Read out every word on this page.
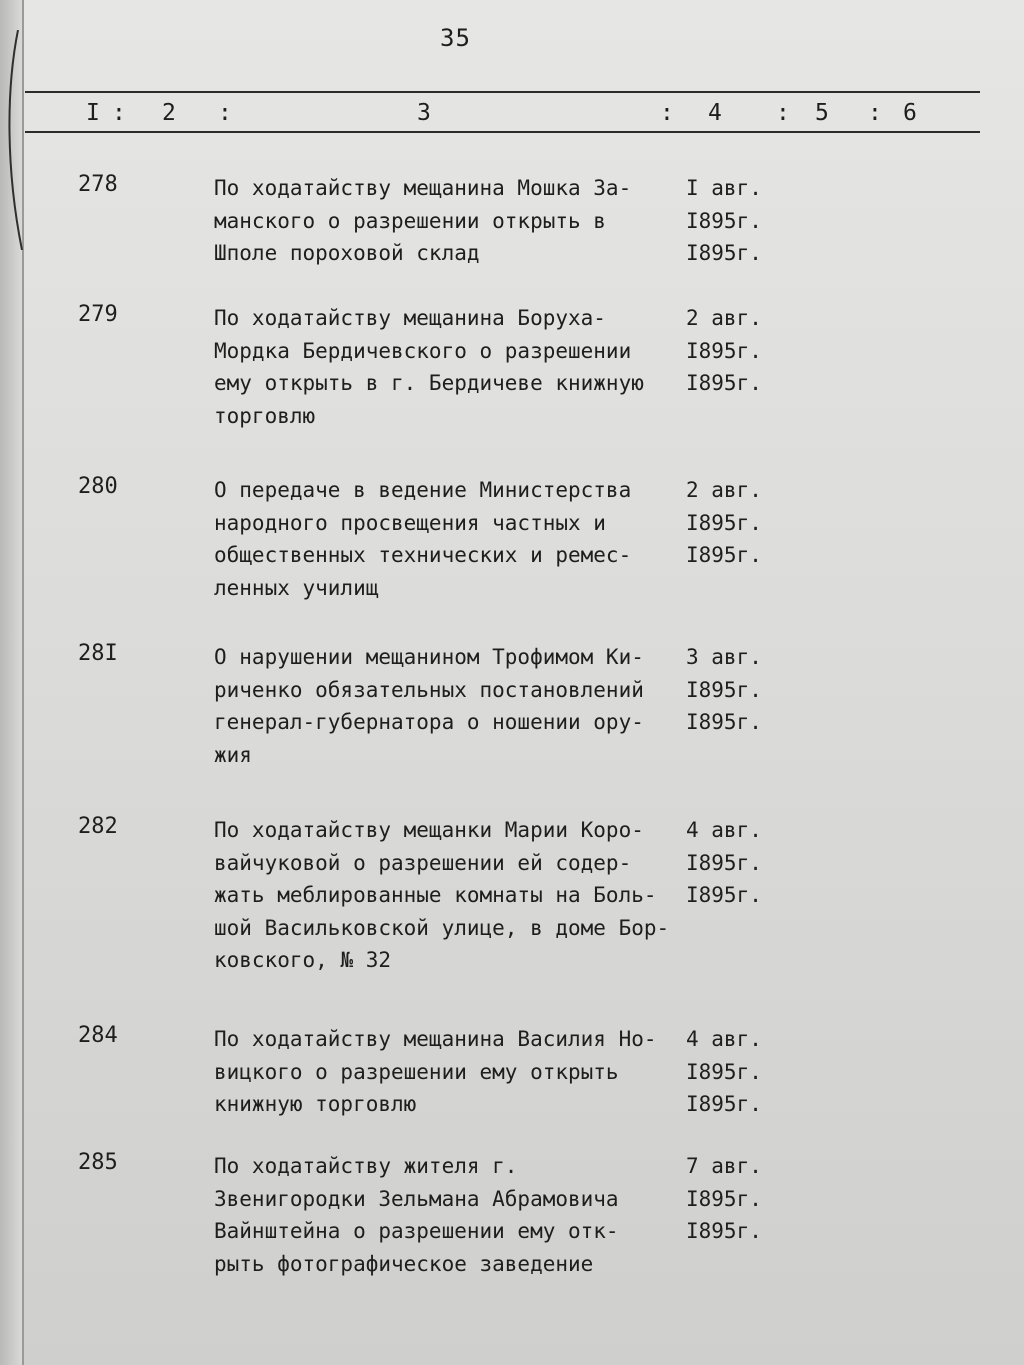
35
I : 2 :	3	: 4 : 5 : 6
278	По ходатайству мещанина Мошка За-
манского о разрешении открыть в
Шполе пороховой склад
I авг.
I895г.
I895г.
279	По ходатайству мещанина Боруха-
Мордка Бердичевского о разрешении
ему открыть в г. Бердичеве книжную
торговлю
2 авг.
I895г.
I895г.
280	О передаче в ведение Министерства
народного просвещения частных и
общественных технических и ремес-
ленных училищ
2 авг.
I895г.
I895г.
28I	О нарушении мещанином Трофимом Ки-
риченко обязательных постановлений
генерал-губернатора о ношении ору-
жия
3 авг.
I895г.
I895г.
282	По ходатайству мещанки Марии Коро-
вайчуковой о разрешении ей содер-
жать меблированные комнаты на Боль-
шой Васильковской улице, в доме Бор-
ковского, № 32
4 авг.
I895г.
I895г.
284	По ходатайству мещанина Василия Но-
вицкого о разрешении ему открыть
книжную торговлю
4 авг.
I895г.
I895г.
285	По ходатайству жителя г.
Звенигородки Зельмана Абрамовича
Вайнштейна о разрешении ему отк-
рыть фотографическое заведение
7 авг.
I895г.
I895г.
